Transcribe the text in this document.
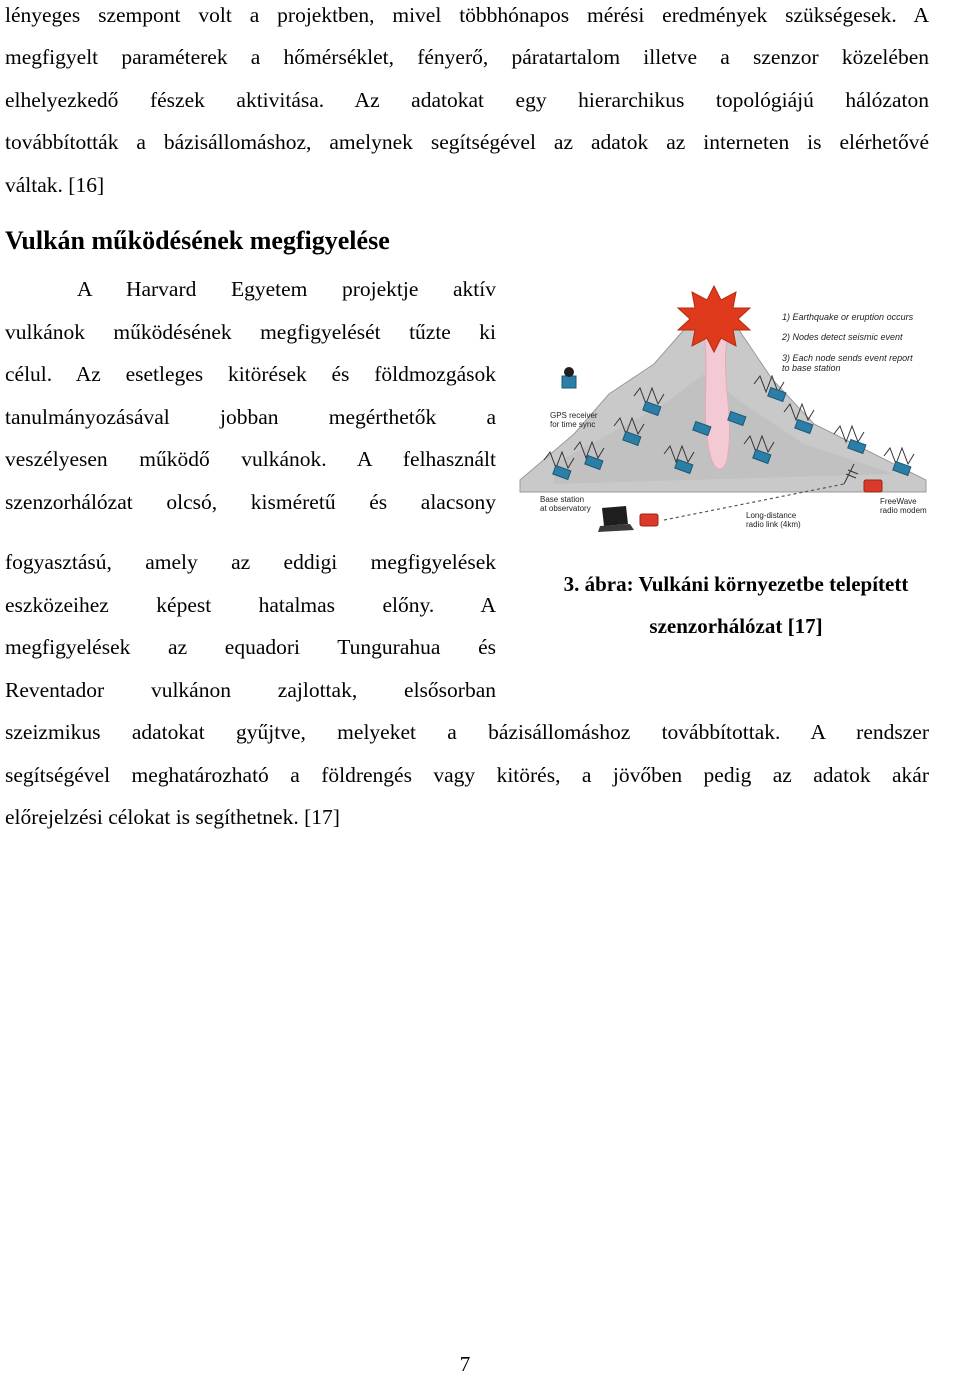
lényeges szempont volt a projektben, mivel többhónapos mérési eredmények szükségesek. A
megfigyelt paraméterek a hőmérséklet, fényerő, páratartalom illetve a szenzor közelében
elhelyezkedő fészek aktivitása. Az adatokat egy hierarchikus topológiájú hálózaton
továbbították a bázisállomáshoz, amelynek segítségével az adatok az interneten is elérhetővé
váltak. [16]
Vulkán működésének megfigyelése
A Harvard Egyetem projektje aktív
vulkánok működésének megfigyelését tűzte ki
célul. Az esetleges kitörések és földmozgások
tanulmányozásával jobban megérthetők a
veszélyesen működő vulkánok. A felhasznált
szenzorhálózat olcsó, kisméretű és alacsony
fogyasztású, amely az eddigi megfigyelések
eszközeihez képest hatalmas előny. A
megfigyelések az equadori Tungurahua és
Reventador vulkánon zajlottak, elsősorban
1) Earthquake or eruption occurs
2) Nodes detect seismic event
3) Each node sends event report
to base station
GPS receiver
for time sync
Base station
at observatory
Long-distance
radio link (4km)
FreeWave
radio modem
3. ábra: Vulkáni környezetbe telepített
szenzorhálózat [17]
szeizmikus adatokat gyűjtve, melyeket a bázisállomáshoz továbbítottak. A rendszer
segítségével meghatározható a földrengés vagy kitörés, a jövőben pedig az adatok akár
előrejelzési célokat is segíthetnek. [17]
7
